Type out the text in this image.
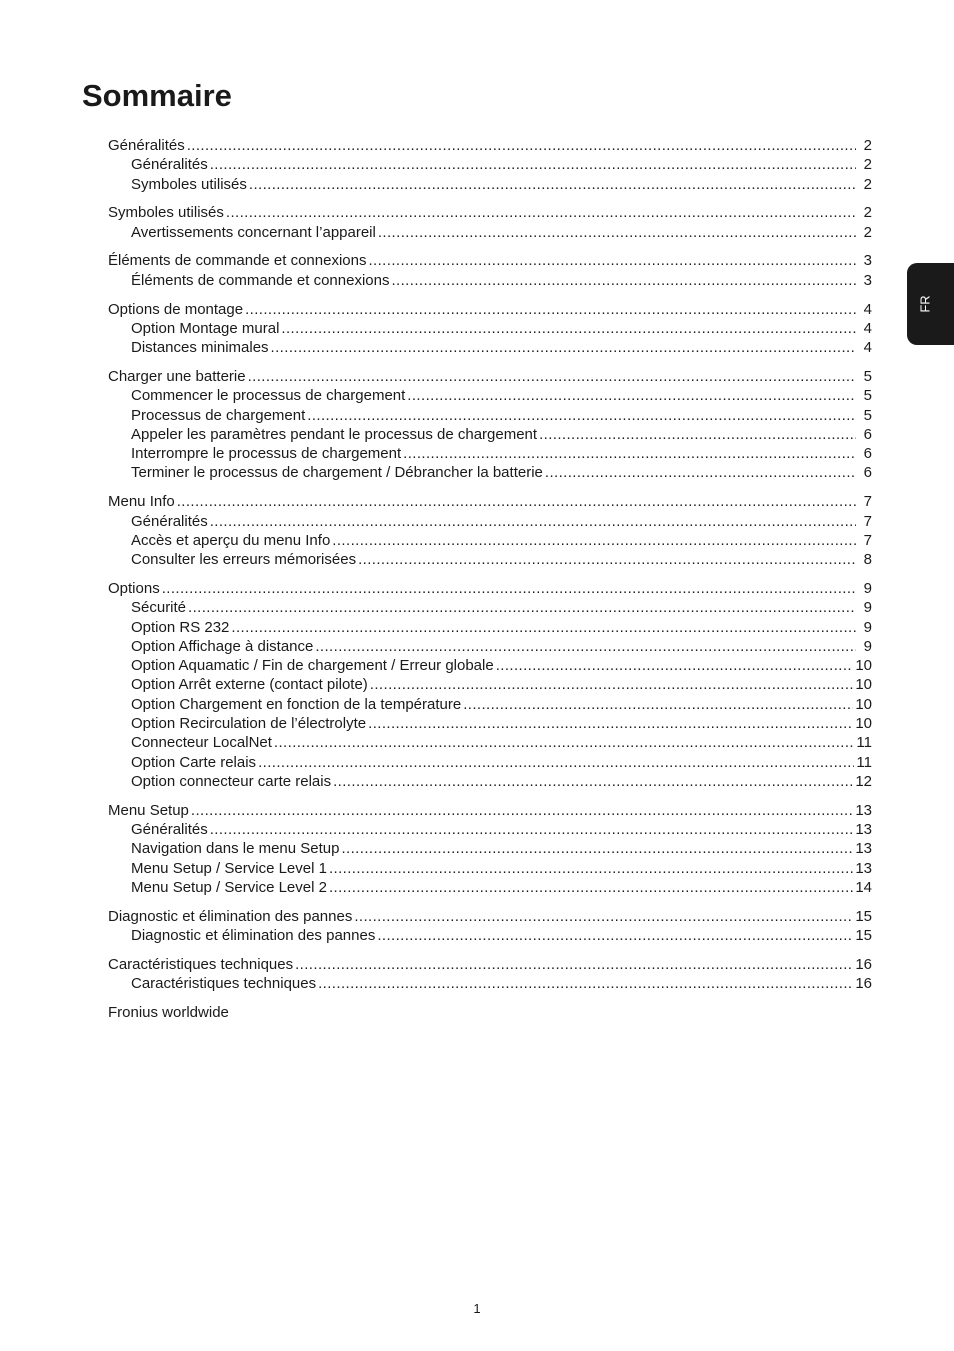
Sommaire
FR
Généralités .....	2
Généralités .....	2
Symboles utilisés .....	2
Symboles utilisés .....	2
Avertissements concernant l’appareil .....	2
Éléments de commande et connexions .....	3
Éléments de commande et connexions .....	3
Options de montage .....	4
Option Montage mural .....	4
Distances minimales .....	4
Charger une batterie .....	5
Commencer le processus de chargement .....	5
Processus de chargement .....	5
Appeler les paramètres pendant le processus de chargement .....	6
Interrompre le processus de chargement .....	6
Terminer le processus de chargement / Débrancher la batterie .....	6
Menu Info .....	7
Généralités .....	7
Accès et aperçu du menu Info .....	7
Consulter les erreurs mémorisées .....	8
Options .....	9
Sécurité .....	9
Option RS 232 .....	9
Option Affichage à distance .....	9
Option Aquamatic / Fin de chargement / Erreur globale .....	10
Option Arrêt externe (contact pilote) .....	10
Option Chargement en fonction de la température .....	10
Option Recirculation de l’électrolyte .....	10
Connecteur LocalNet .....	11
Option Carte relais .....	11
Option connecteur carte relais .....	12
Menu Setup .....	13
Généralités .....	13
Navigation dans le menu Setup .....	13
Menu Setup / Service Level 1 .....	13
Menu Setup / Service Level 2 .....	14
Diagnostic et élimination des pannes .....	15
Diagnostic et élimination des pannes .....	15
Caractéristiques techniques .....	16
Caractéristiques techniques .....	16
Fronius worldwide
1
